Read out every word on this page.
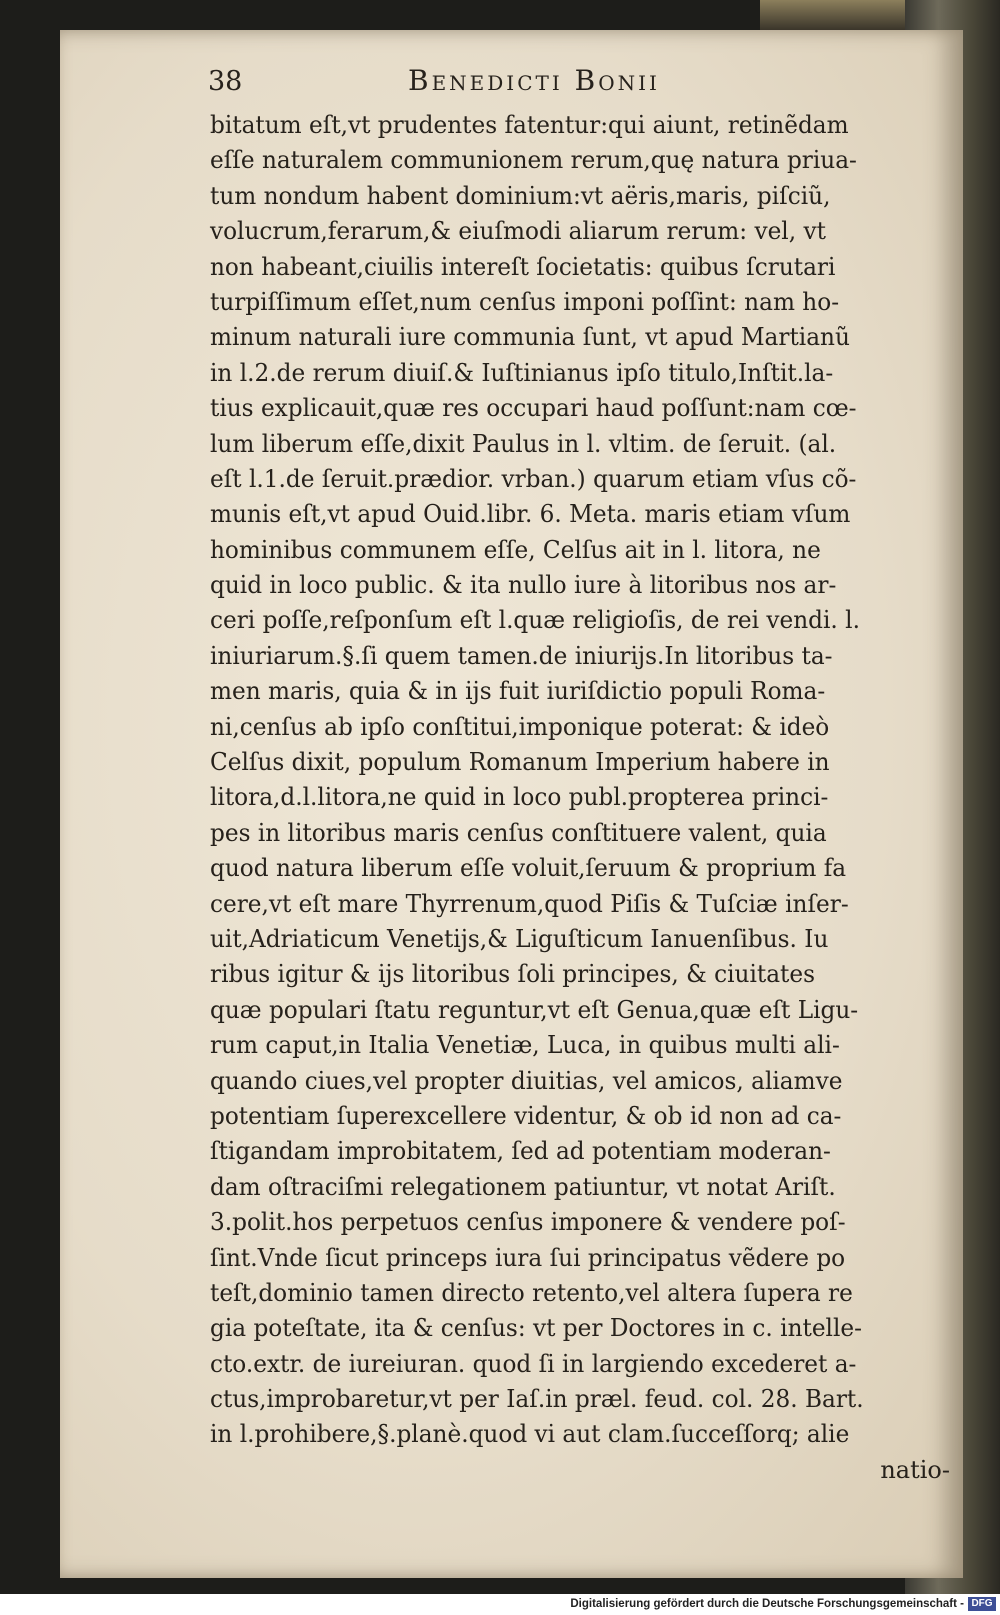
38	Benedicti Bonii
bitatum eſt,vt prudentes fatentur:qui aiunt, retinẽdam
eſſe naturalem communionem rerum,quę natura priua-
tum nondum habent dominium:vt aëris,maris, piſciũ,
volucrum,ferarum,& eiuſmodi aliarum rerum: vel, vt
non habeant,ciuilis intereſt ſocietatis: quibus ſcrutari
turpiſſimum eſſet,num cenſus imponi poſſint: nam ho-
minum naturali iure communia ſunt, vt apud Martianũ
in l.2.de rerum diuiſ.& Iuſtinianus ipſo titulo,Inſtit.la-
tius explicauit,quæ res occupari haud poſſunt:nam cœ-
lum liberum eſſe,dixit Paulus in l. vltim. de ſeruit. (al.
eſt l.1.de ſeruit.prædior. vrban.) quarum etiam vſus cõ-
munis eſt,vt apud Ouid.libr. 6. Meta. maris etiam vſum
hominibus communem eſſe, Celſus ait in l. litora, ne
quid in loco public. & ita nullo iure à litoribus nos ar-
ceri poſſe,reſponſum eſt l.quæ religioſis, de rei vendi. l.
iniuriarum.§.ſi quem tamen.de iniurijs.In litoribus ta-
men maris, quia & in ijs fuit iuriſdictio populi Roma-
ni,cenſus ab ipſo conſtitui,imponique poterat: & ideò
Celſus dixit, populum Romanum Imperium habere in
litora,d.l.litora,ne quid in loco publ.propterea princi-
pes in litoribus maris cenſus conſtituere valent, quia
quod natura liberum eſſe voluit,ſeruum & proprium fa
cere,vt eſt mare Thyrrenum,quod Piſis & Tuſciæ inſer-
uit,Adriaticum Venetijs,& Liguſticum Ianuenſibus. Iu
ribus igitur & ijs litoribus ſoli principes, & ciuitates
quæ populari ſtatu reguntur,vt eſt Genua,quæ eſt Ligu-
rum caput,in Italia Venetiæ, Luca, in quibus multi ali-
quando ciues,vel propter diuitias, vel amicos, aliamve
potentiam ſuperexcellere videntur, & ob id non ad ca-
ſtigandam improbitatem, ſed ad potentiam moderan-
dam oſtraciſmi relegationem patiuntur, vt notat Ariſt.
3.polit.hos perpetuos cenſus imponere & vendere poſ-
ſint.Vnde ſicut princeps iura ſui principatus vẽdere po
teſt,dominio tamen directo retento,vel altera ſupera re
gia poteſtate, ita & cenſus: vt per Doctores in c. intelle-
cto.extr. de iureiuran. quod ſi in largiendo excederet a-
ctus,improbaretur,vt per Iaſ.in præl. feud. col. 28. Bart.
in l.prohibere,§.planè.quod vi aut clam.ſucceſſorq; alie
natio-
Digitalisierung gefördert durch die Deutsche Forschungsgemeinschaft - DFG
